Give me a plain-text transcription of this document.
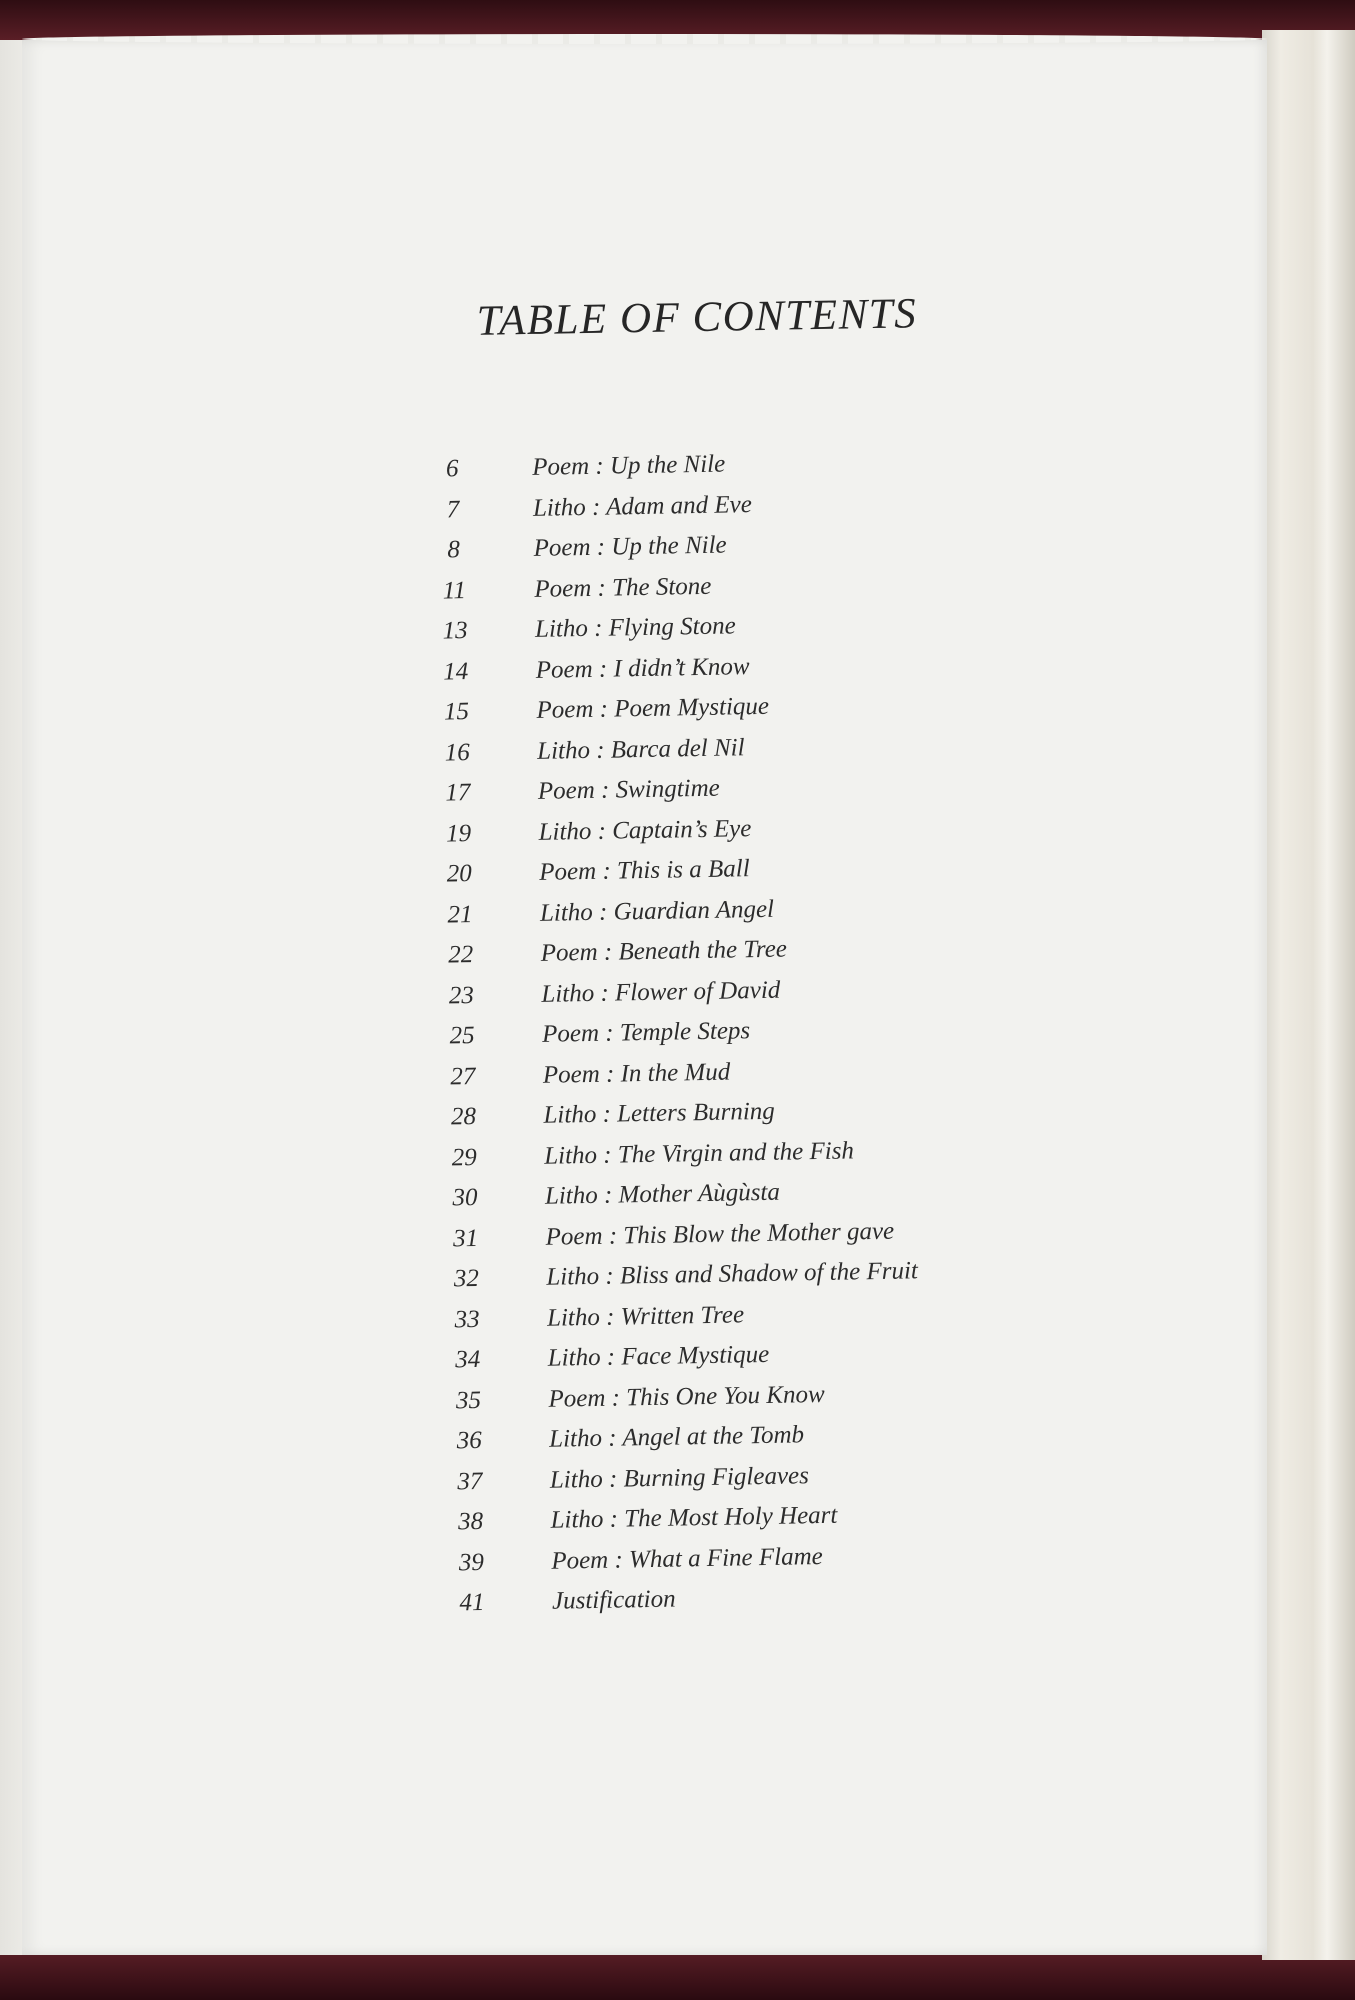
TABLE OF CONTENTS
6	Poem : Up the Nile
7	Litho : Adam and Eve
8	Poem : Up the Nile
11	Poem : The Stone
13	Litho : Flying Stone
14	Poem : I didn’t Know
15	Poem : Poem Mystique
16	Litho : Barca del Nil
17	Poem : Swingtime
19	Litho : Captain’s Eye
20	Poem : This is a Ball
21	Litho : Guardian Angel
22	Poem : Beneath the Tree
23	Litho : Flower of David
25	Poem : Temple Steps
27	Poem : In the Mud
28	Litho : Letters Burning
29	Litho : The Virgin and the Fish
30	Litho : Mother Aùgùsta
31	Poem : This Blow the Mother gave
32	Litho : Bliss and Shadow of the Fruit
33	Litho : Written Tree
34	Litho : Face Mystique
35	Poem : This One You Know
36	Litho : Angel at the Tomb
37	Litho : Burning Figleaves
38	Litho : The Most Holy Heart
39	Poem : What a Fine Flame
41	Justification
